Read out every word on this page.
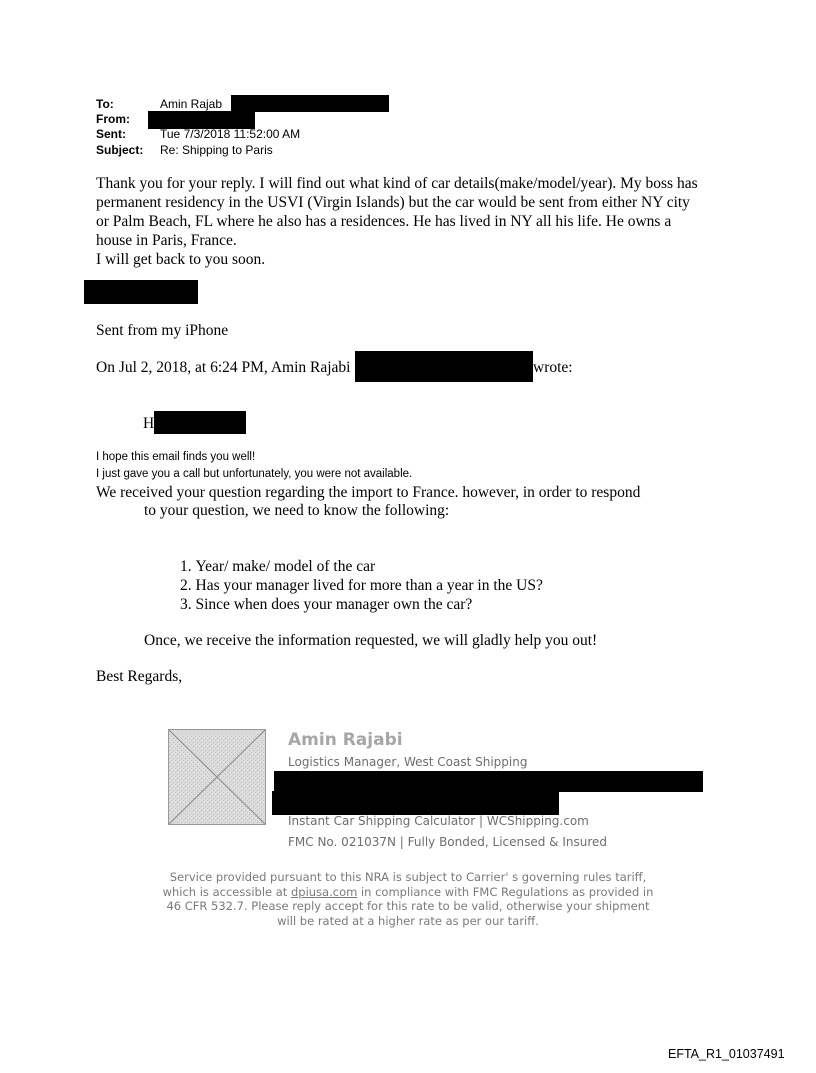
To:	Amin Rajab
From:
Sent:	Tue 7/3/2018 11:52:00 AM
Subject: Re: Shipping to Paris
Thank you for your reply. I will find out what kind of car details(make/model/year). My boss has
permanent residency in the USVI (Virgin Islands) but the car would be sent from either NY city
or Palm Beach, FL where he also has a residences. He has lived in NY all his life. He owns a
house in Paris, France.
I will get back to you soon.
Sent from my iPhone
On Jul 2, 2018, at 6:24 PM, Amin Rajabi	wrote:
H
I hope this email finds you well!
I just gave you a call but unfortunately, you were not available.
We received your question regarding the import to France. however, in order to respond
to your question, we need to know the following:
1. Year/ make/ model of the car
2. Has your manager lived for more than a year in the US?
3. Since when does your manager own the car?
Once, we receive the information requested, we will gladly help you out!
Best Regards,
Amin Rajabi
Logistics Manager, West Coast Shipping
Instant Car Shipping Calculator | WCShipping.com
FMC No. 021037N | Fully Bonded, Licensed & Insured
Service provided pursuant to this NRA is subject to Carrier' s governing rules tariff,
which is accessible at dpiusa.com in compliance with FMC Regulations as provided in
46 CFR 532.7. Please reply accept for this rate to be valid, otherwise your shipment
will be rated at a higher rate as per our tariff.
EFTA_R1_01037491
